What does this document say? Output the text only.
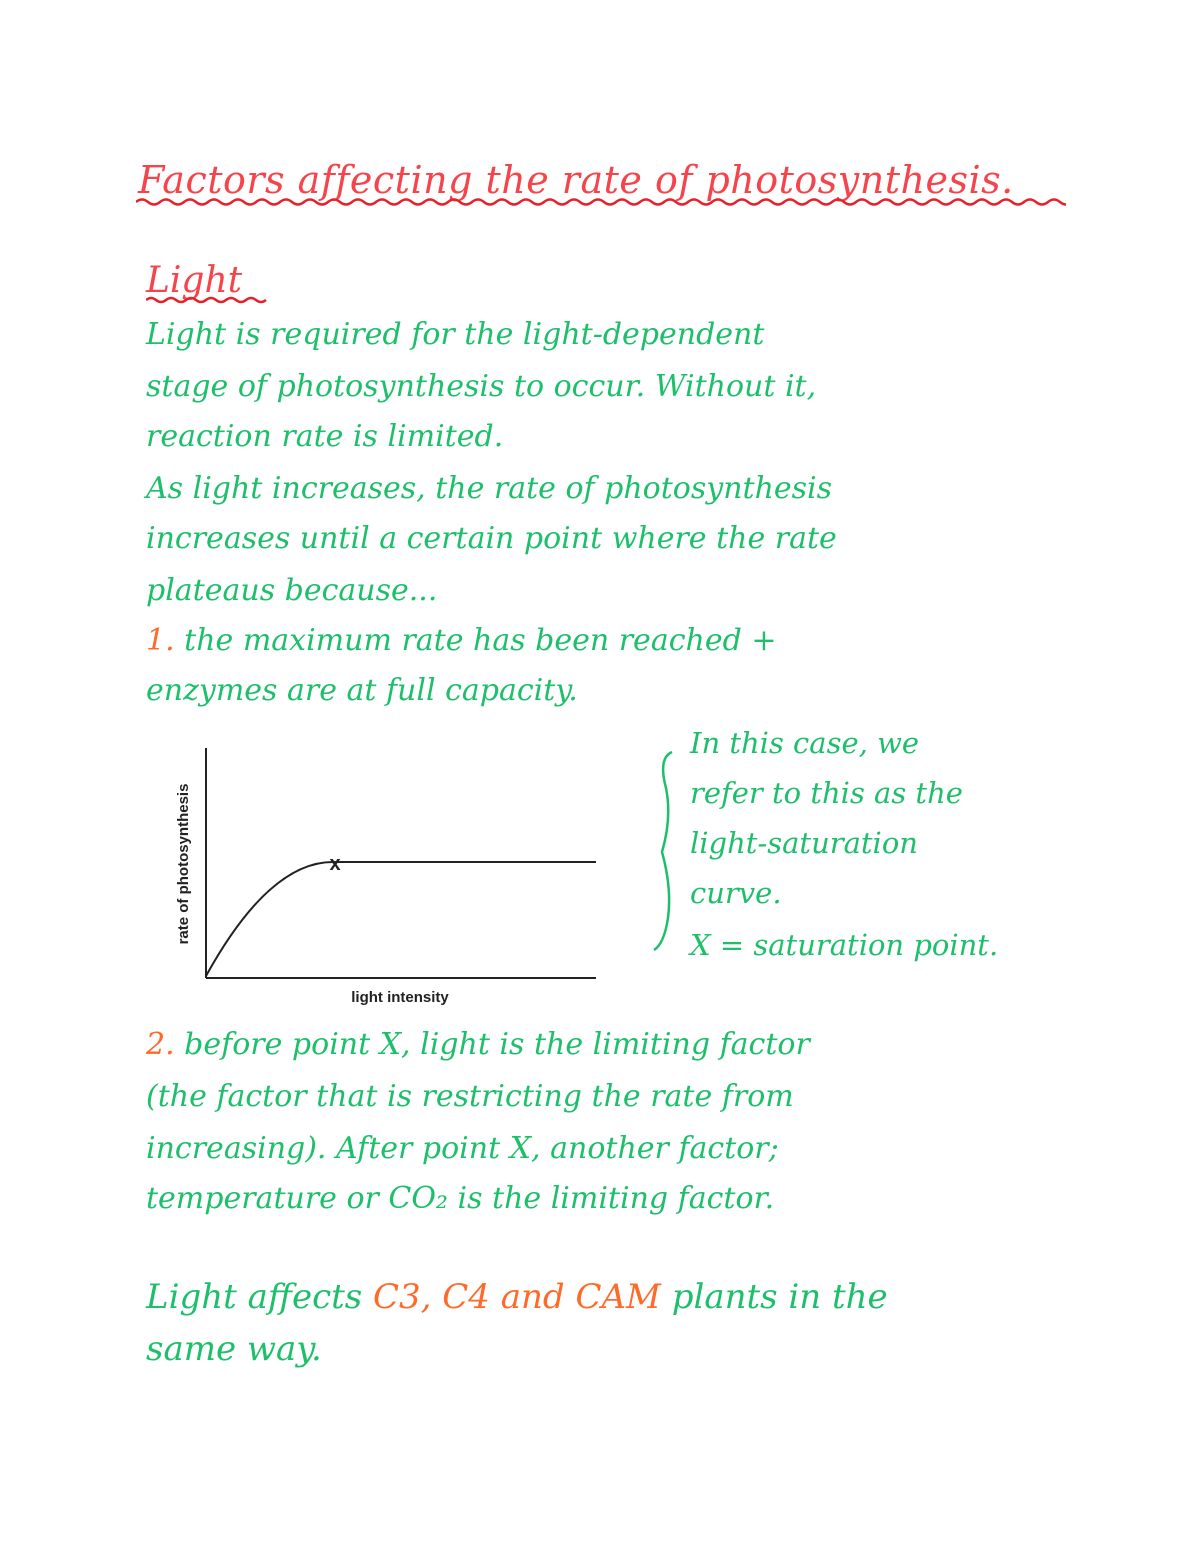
Factors affecting the rate of photosynthesis.
Light
Light is required for the light-dependent
stage of photosynthesis to occur. Without it,
reaction rate is limited.
As light increases, the rate of photosynthesis
increases until a certain point where the rate
plateaus because...
1. the maximum rate has been reached +
enzymes are at full capacity.
x
rate of photosynthesis
light intensity
In this case, we
refer to this as the
light-saturation
curve.
X = saturation point.
2. before point X, light is the limiting factor
(the factor that is restricting the rate from
increasing). After point X, another factor;
temperature or CO₂ is the limiting factor.
Light affects C3, C4 and CAM plants in the
same way.
